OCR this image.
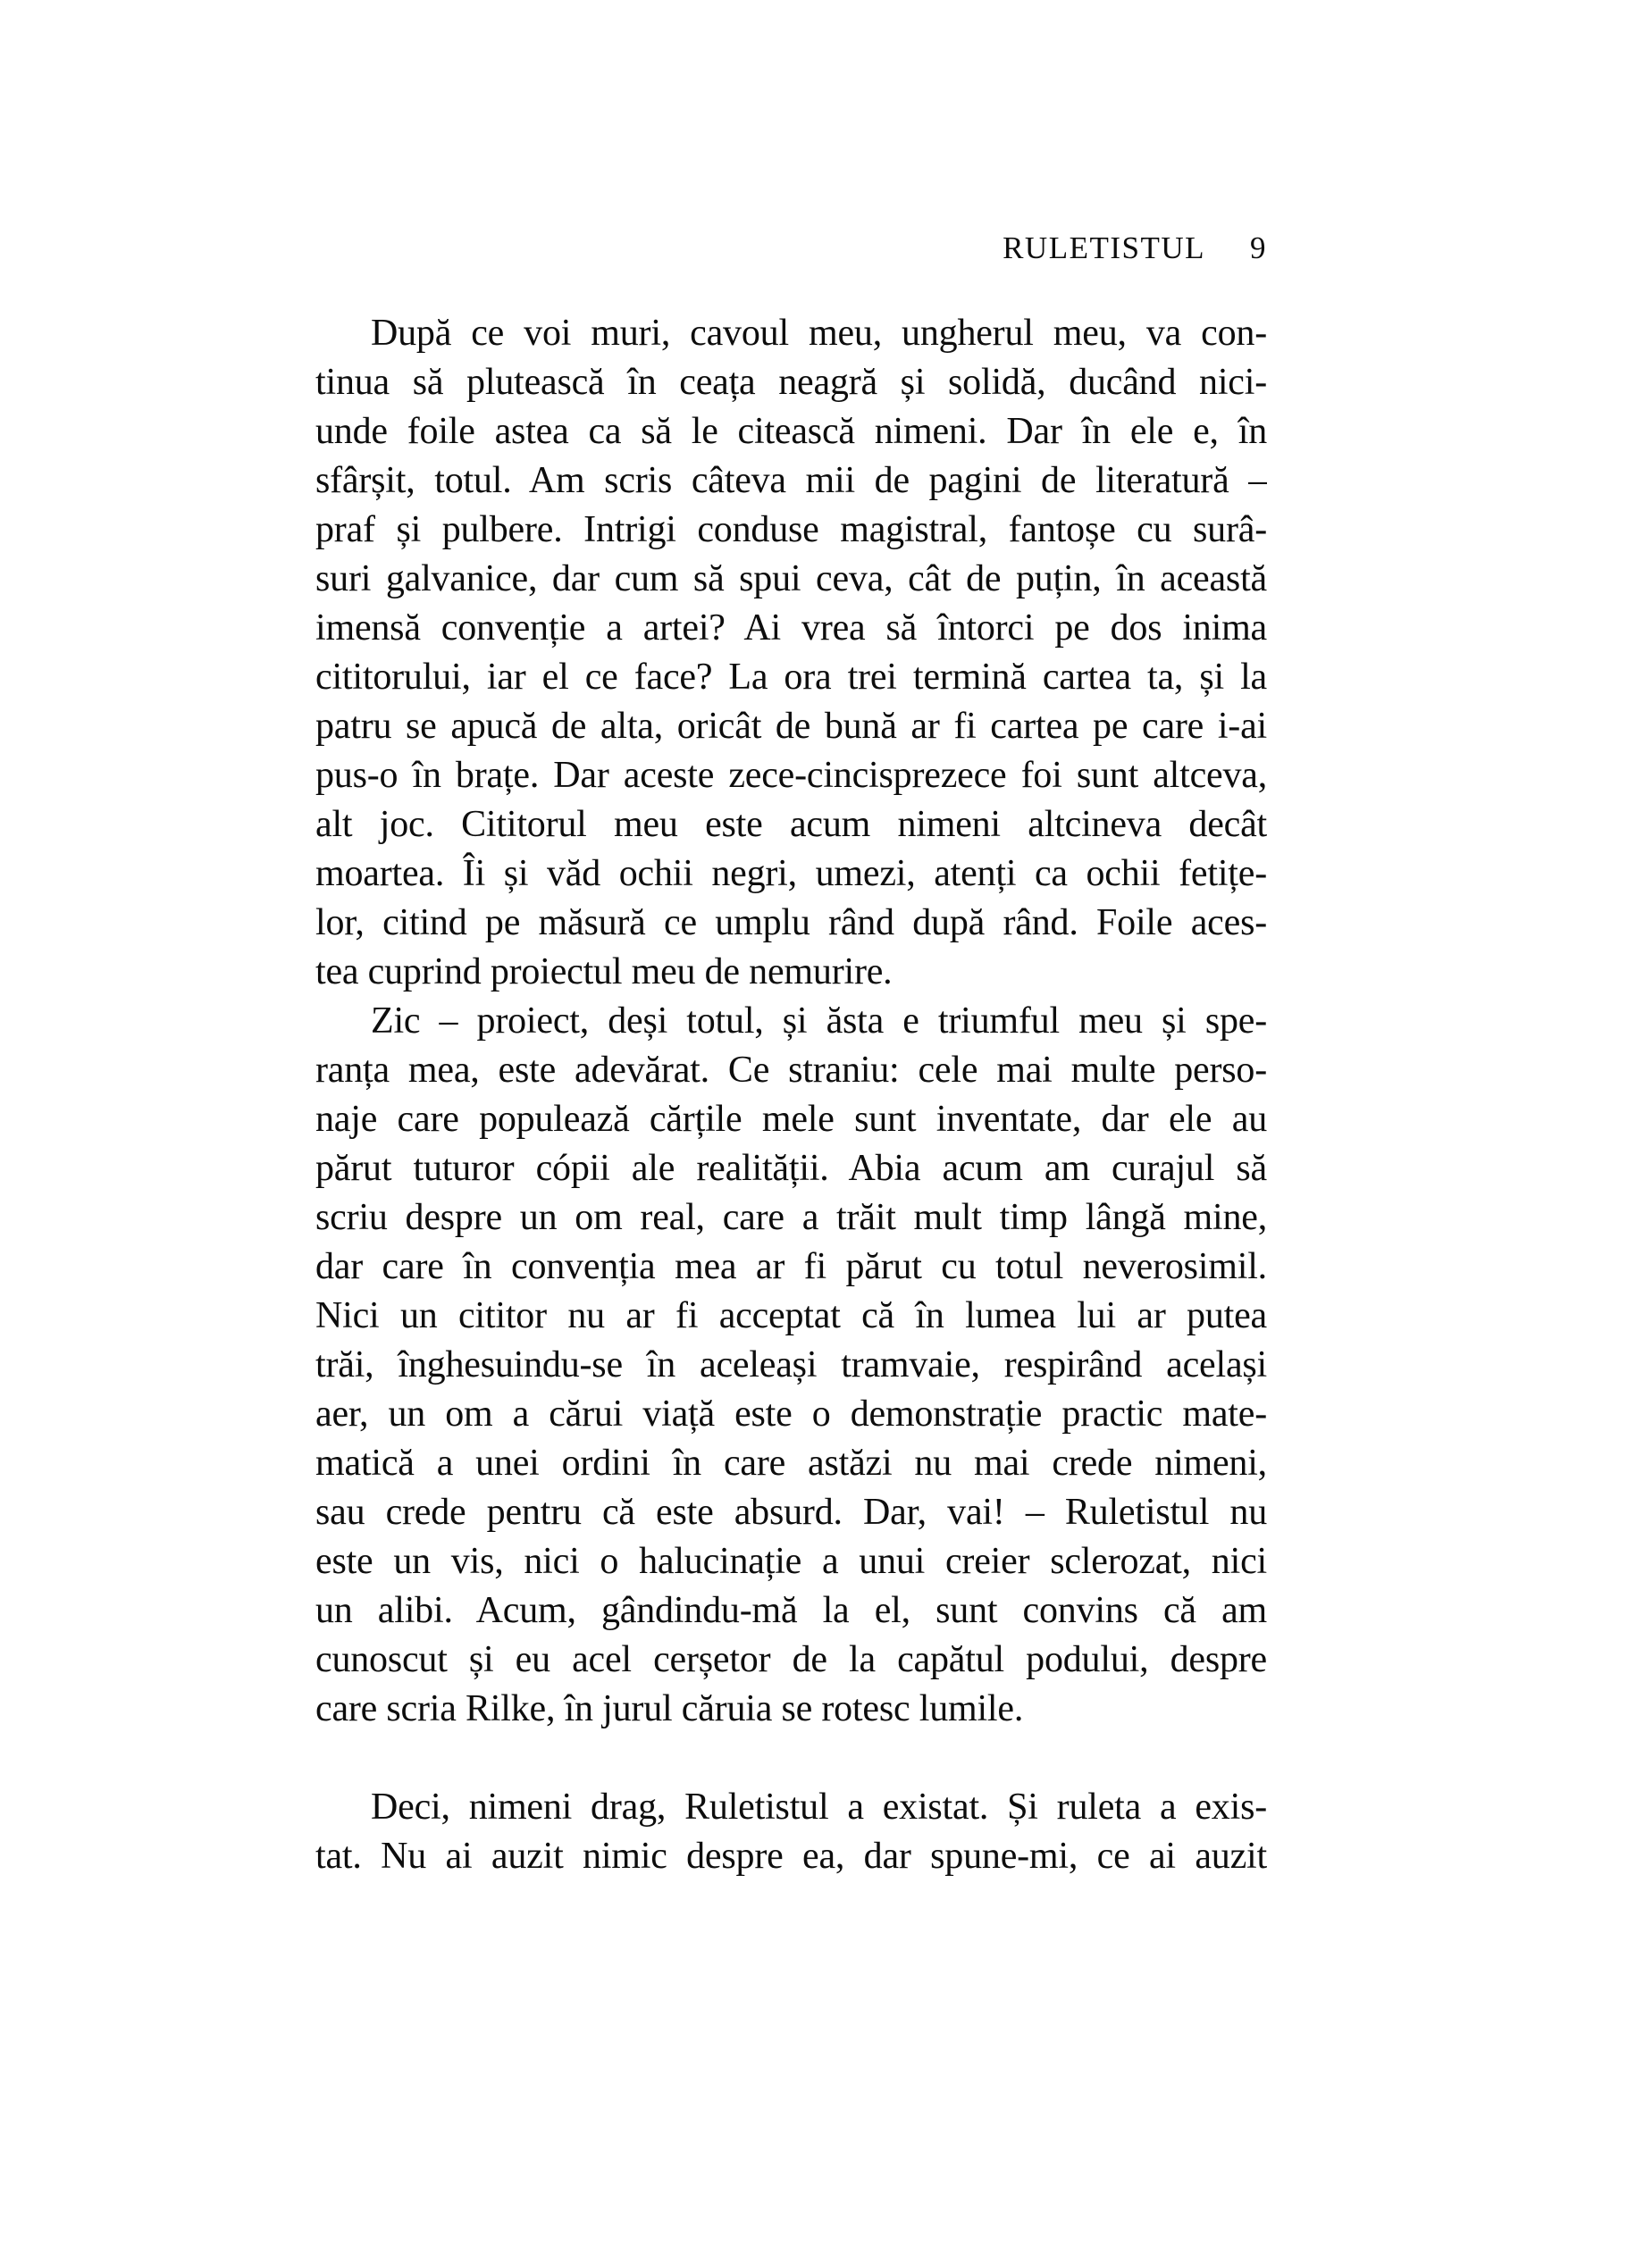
RULETISTUL 9
După ce voi muri, cavoul meu, ungherul meu, va con-
tinua să plutească în ceața neagră și solidă, ducând nici-
unde foile astea ca să le citească nimeni. Dar în ele e, în
sfârșit, totul. Am scris câteva mii de pagini de literatură –
praf și pulbere. Intrigi conduse magistral, fantoșe cu surâ-
suri galvanice, dar cum să spui ceva, cât de puțin, în această
imensă convenție a artei? Ai vrea să întorci pe dos inima
cititorului, iar el ce face? La ora trei termină cartea ta, și la
patru se apucă de alta, oricât de bună ar fi cartea pe care i-ai
pus-o în brațe. Dar aceste zece-cincisprezece foi sunt altceva,
alt joc. Cititorul meu este acum nimeni altcineva decât
moartea. Îi și văd ochii negri, umezi, atenți ca ochii fetițe-
lor, citind pe măsură ce umplu rând după rând. Foile aces-
tea cuprind proiectul meu de nemurire.
Zic – proiect, deși totul, și ăsta e triumful meu și spe-
ranța mea, este adevărat. Ce straniu: cele mai multe perso-
naje care populează cărțile mele sunt inventate, dar ele au
părut tuturor cópii ale realității. Abia acum am curajul să
scriu despre un om real, care a trăit mult timp lângă mine,
dar care în convenția mea ar fi părut cu totul neverosimil.
Nici un cititor nu ar fi acceptat că în lumea lui ar putea
trăi, înghesuindu-se în aceleași tramvaie, respirând același
aer, un om a cărui viață este o demonstrație practic mate-
matică a unei ordini în care astăzi nu mai crede nimeni,
sau crede pentru că este absurd. Dar, vai! – Ruletistul nu
este un vis, nici o halucinație a unui creier sclerozat, nici
un alibi. Acum, gândindu-mă la el, sunt convins că am
cunoscut și eu acel cerșetor de la capătul podului, despre
care scria Rilke, în jurul căruia se rotesc lumile.
Deci, nimeni drag, Ruletistul a existat. Și ruleta a exis-
tat. Nu ai auzit nimic despre ea, dar spune-mi, ce ai auzit
